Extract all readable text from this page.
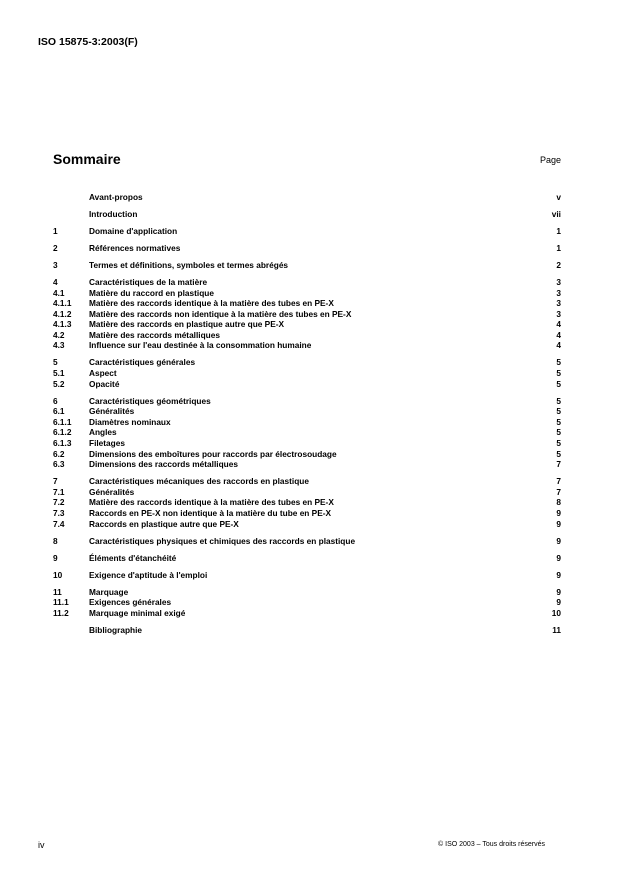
ISO 15875-3:2003(F)
Sommaire	Page
Avant-propos	v
Introduction	vii
1	Domaine d'application	1
2	Références normatives	1
3	Termes et définitions, symboles et termes abrégés	2
4	Caractéristiques de la matière	3
4.1	Matière du raccord en plastique	3
4.1.1	Matière des raccords identique à la matière des tubes en PE-X	3
4.1.2	Matière des raccords non identique à la matière des tubes en PE-X	3
4.1.3	Matière des raccords en plastique autre que PE-X	4
4.2	Matière des raccords métalliques	4
4.3	Influence sur l'eau destinée à la consommation humaine	4
5	Caractéristiques générales	5
5.1	Aspect	5
5.2	Opacité	5
6	Caractéristiques géométriques	5
6.1	Généralités	5
6.1.1	Diamètres nominaux	5
6.1.2	Angles	5
6.1.3	Filetages	5
6.2	Dimensions des emboîtures pour raccords par électrosoudage	5
6.3	Dimensions des raccords métalliques	7
7	Caractéristiques mécaniques des raccords en plastique	7
7.1	Généralités	7
7.2	Matière des raccords identique à la matière des tubes en PE-X	8
7.3	Raccords en PE-X non identique à la matière du tube en PE-X	9
7.4	Raccords en plastique autre que PE-X	9
8	Caractéristiques physiques et chimiques des raccords en plastique	9
9	Éléments d'étanchéité	9
10	Exigence d'aptitude à l'emploi	9
11	Marquage	9
11.1	Exigences générales	9
11.2	Marquage minimal exigé	10
Bibliographie	11
iv	© ISO 2003 – Tous droits réservés
